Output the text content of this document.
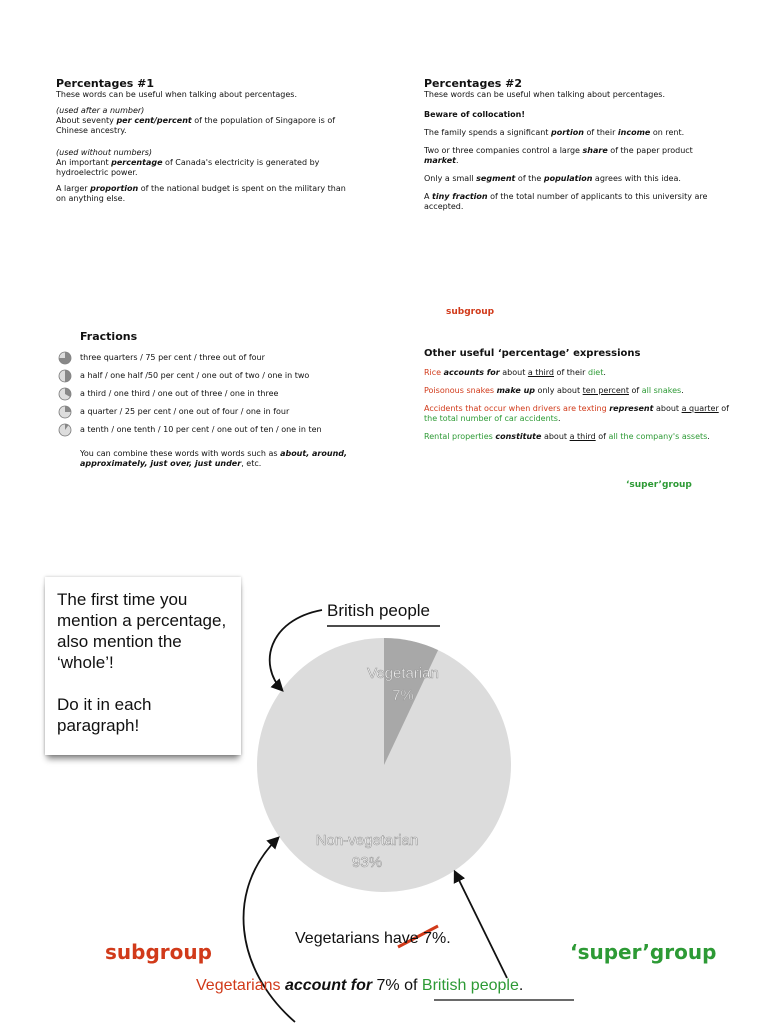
Percentages #1

These words can be useful when talking about percentages.

(used after a number)

About seventy per cent/percent of the population of Singapore is of Chinese ancestry.

(used without numbers)

An important percentage of Canada's electricity is generated by hydroelectric power.

A larger proportion of the national budget is spent on the military than on anything else.

Percentages #2

These words can be useful when talking about percentages.

Beware of collocation!

The family spends a significant portion of their income on rent.

Two or three companies control a large share of the paper product market.

Only a small segment of the population agrees with this idea.

A tiny fraction of the total number of applicants to this university are accepted.

subgroup
Fractions
three quarters / 75 per cent / three out of four
a half / one half /50 per cent / one out of two / one in two
a third / one third / one out of three / one in three
a quarter / 25 per cent / one out of four / one in four
a tenth / one tenth / 10 per cent / one out of ten / one in ten

You can combine these words with words such as about, around, approximately, just over, just under, etc.

Other useful ‘percentage’ expressions

Rice accounts for about a third of their diet.

Poisonous snakes make up only about ten percent of all snakes.

Accidents that occur when drivers are texting represent about a quarter of the total number of car accidents.

Rental properties constitute about a third of all the company's assets.

‘super’group
Vegetarian
7%
Non-vegetarian
93%
British people

The first time you mention a percentage, also mention the ‘whole’!

Do it in each paragraph!

subgroup	‘super’group
Vegetarians have 7%.
Vegetarians account for 7% of British people.
